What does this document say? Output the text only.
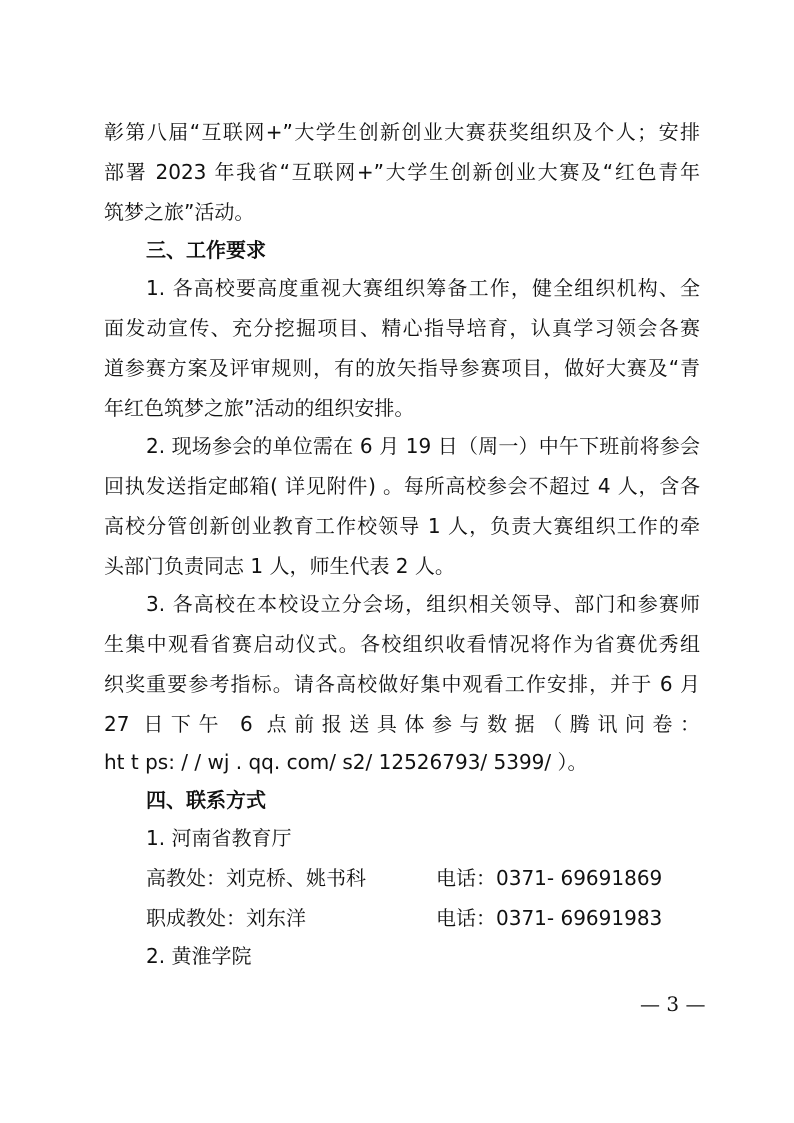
彰第八届“互联网+”大学生创新创业大赛获奖组织及个人；安排
部署 2023 年我省“互联网+”大学生创新创业大赛及“红色青年
筑梦之旅”活动。
三、工作要求
1. 各高校要高度重视大赛组织筹备工作，健全组织机构、全
面发动宣传、充分挖掘项目、精心指导培育，认真学习领会各赛
道参赛方案及评审规则，有的放矢指导参赛项目，做好大赛及“青
年红色筑梦之旅”活动的组织安排。
2. 现场参会的单位需在 6 月 19 日（周一）中午下班前将参会
回执发送指定邮箱( 详见附件) 。每所高校参会不超过 4 人，含各
高校分管创新创业教育工作校领导 1 人，负责大赛组织工作的牵
头部门负责同志 1 人，师生代表 2 人。
3. 各高校在本校设立分会场，组织相关领导、部门和参赛师
生集中观看省赛启动仪式。各校组织收看情况将作为省赛优秀组
织奖重要参考指标。请各高校做好集中观看工作安排，并于 6 月
27 日下午 6 点前报送具体参与数据（腾讯问卷：
ht t ps: / / wj . qq. com/ s2/ 12526793/ 5399/ ）。
四、联系方式
1. 河南省教育厅
高教处：刘克桥、姚书科	电话：0371- 69691869
职成教处：刘东洋	电话：0371- 69691983
2. 黄淮学院
— 3 —
